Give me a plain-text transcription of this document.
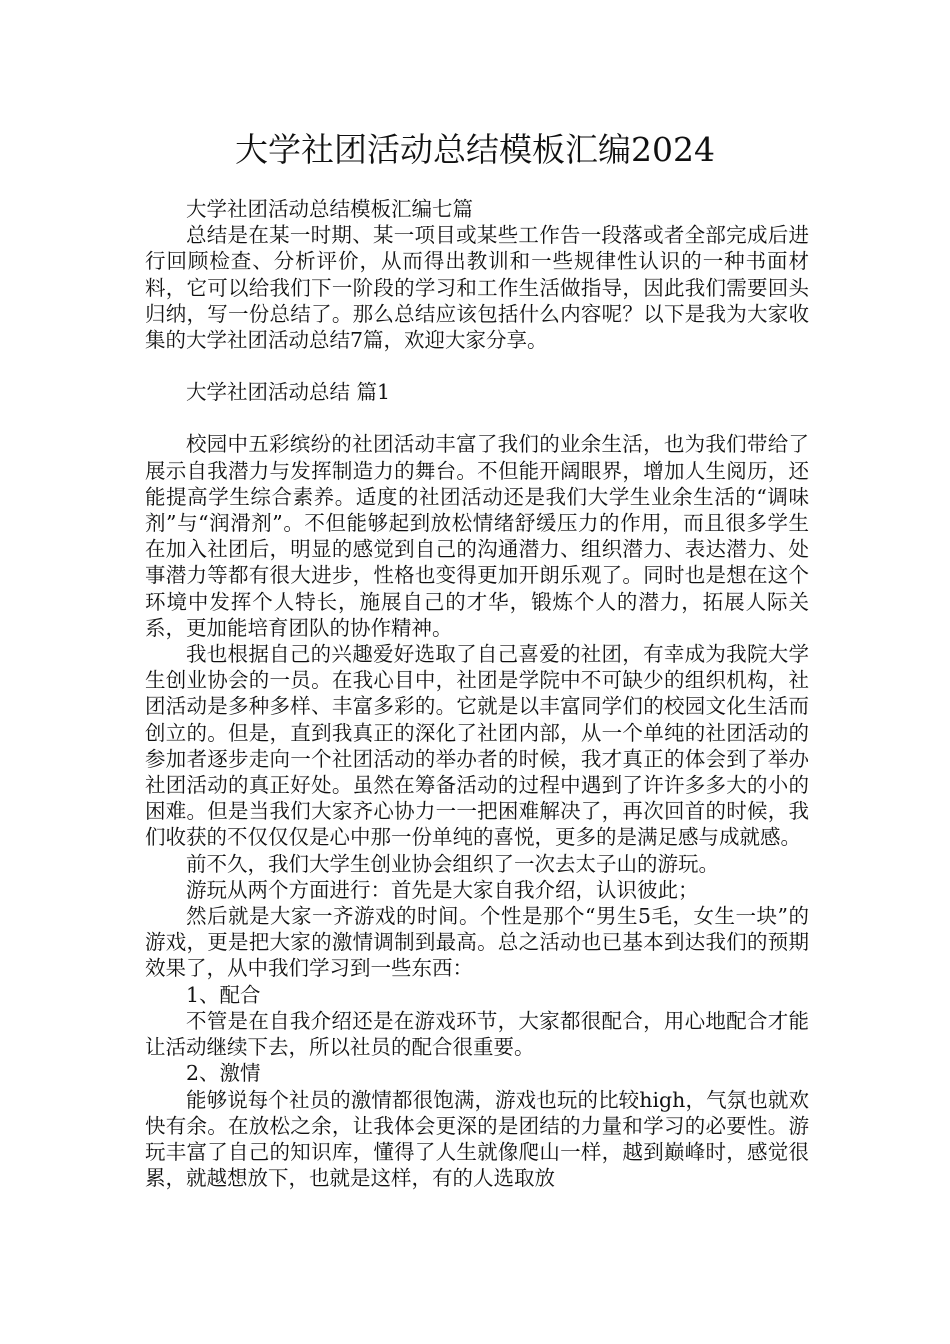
大学社团活动总结模板汇编2024

大学社团活动总结模板汇编七篇

总结是在某一时期、某一项目或某些工作告一段落或者全部完成后进行回顾检查、分析评价，从而得出教训和一些规律性认识的一种书面材料，它可以给我们下一阶段的学习和工作生活做指导，因此我们需要回头归纳，写一份总结了。那么总结应该包括什么内容呢？以下是我为大家收集的大学社团活动总结7篇，欢迎大家分享。

大学社团活动总结 篇1

校园中五彩缤纷的社团活动丰富了我们的业余生活，也为我们带给了展示自我潜力与发挥制造力的舞台。不但能开阔眼界，增加人生阅历，还能提高学生综合素养。适度的社团活动还是我们大学生业余生活的“调味剂”与“润滑剂”。不但能够起到放松情绪舒缓压力的作用，而且很多学生在加入社团后，明显的感觉到自己的沟通潜力、组织潜力、表达潜力、处事潜力等都有很大进步，性格也变得更加开朗乐观了。同时也是想在这个环境中发挥个人特长，施展自己的才华，锻炼个人的潜力，拓展人际关系，更加能培育团队的协作精神。

我也根据自己的兴趣爱好选取了自己喜爱的社团，有幸成为我院大学生创业协会的一员。在我心目中，社团是学院中不可缺少的组织机构，社团活动是多种多样、丰富多彩的。它就是以丰富同学们的校园文化生活而创立的。但是，直到我真正的深化了社团内部，从一个单纯的社团活动的参加者逐步走向一个社团活动的举办者的时候，我才真正的体会到了举办社团活动的真正好处。虽然在筹备活动的过程中遇到了许许多多大的小的困难。但是当我们大家齐心协力一一把困难解决了，再次回首的时候，我们收获的不仅仅仅是心中那一份单纯的喜悦，更多的是满足感与成就感。

前不久，我们大学生创业协会组织了一次去太子山的游玩。

游玩从两个方面进行：首先是大家自我介绍，认识彼此；

然后就是大家一齐游戏的时间。个性是那个“男生5毛，女生一块”的游戏，更是把大家的激情调制到最高。总之活动也已基本到达我们的预期效果了，从中我们学习到一些东西：

1、配合

不管是在自我介绍还是在游戏环节，大家都很配合，用心地配合才能让活动继续下去，所以社员的配合很重要。

2、激情

能够说每个社员的激情都很饱满，游戏也玩的比较high，气氛也就欢快有余。在放松之余，让我体会更深的是团结的力量和学习的必要性。游玩丰富了自己的知识库，懂得了人生就像爬山一样，越到巅峰时，感觉很累，就越想放下，也就是这样，有的人选取放
